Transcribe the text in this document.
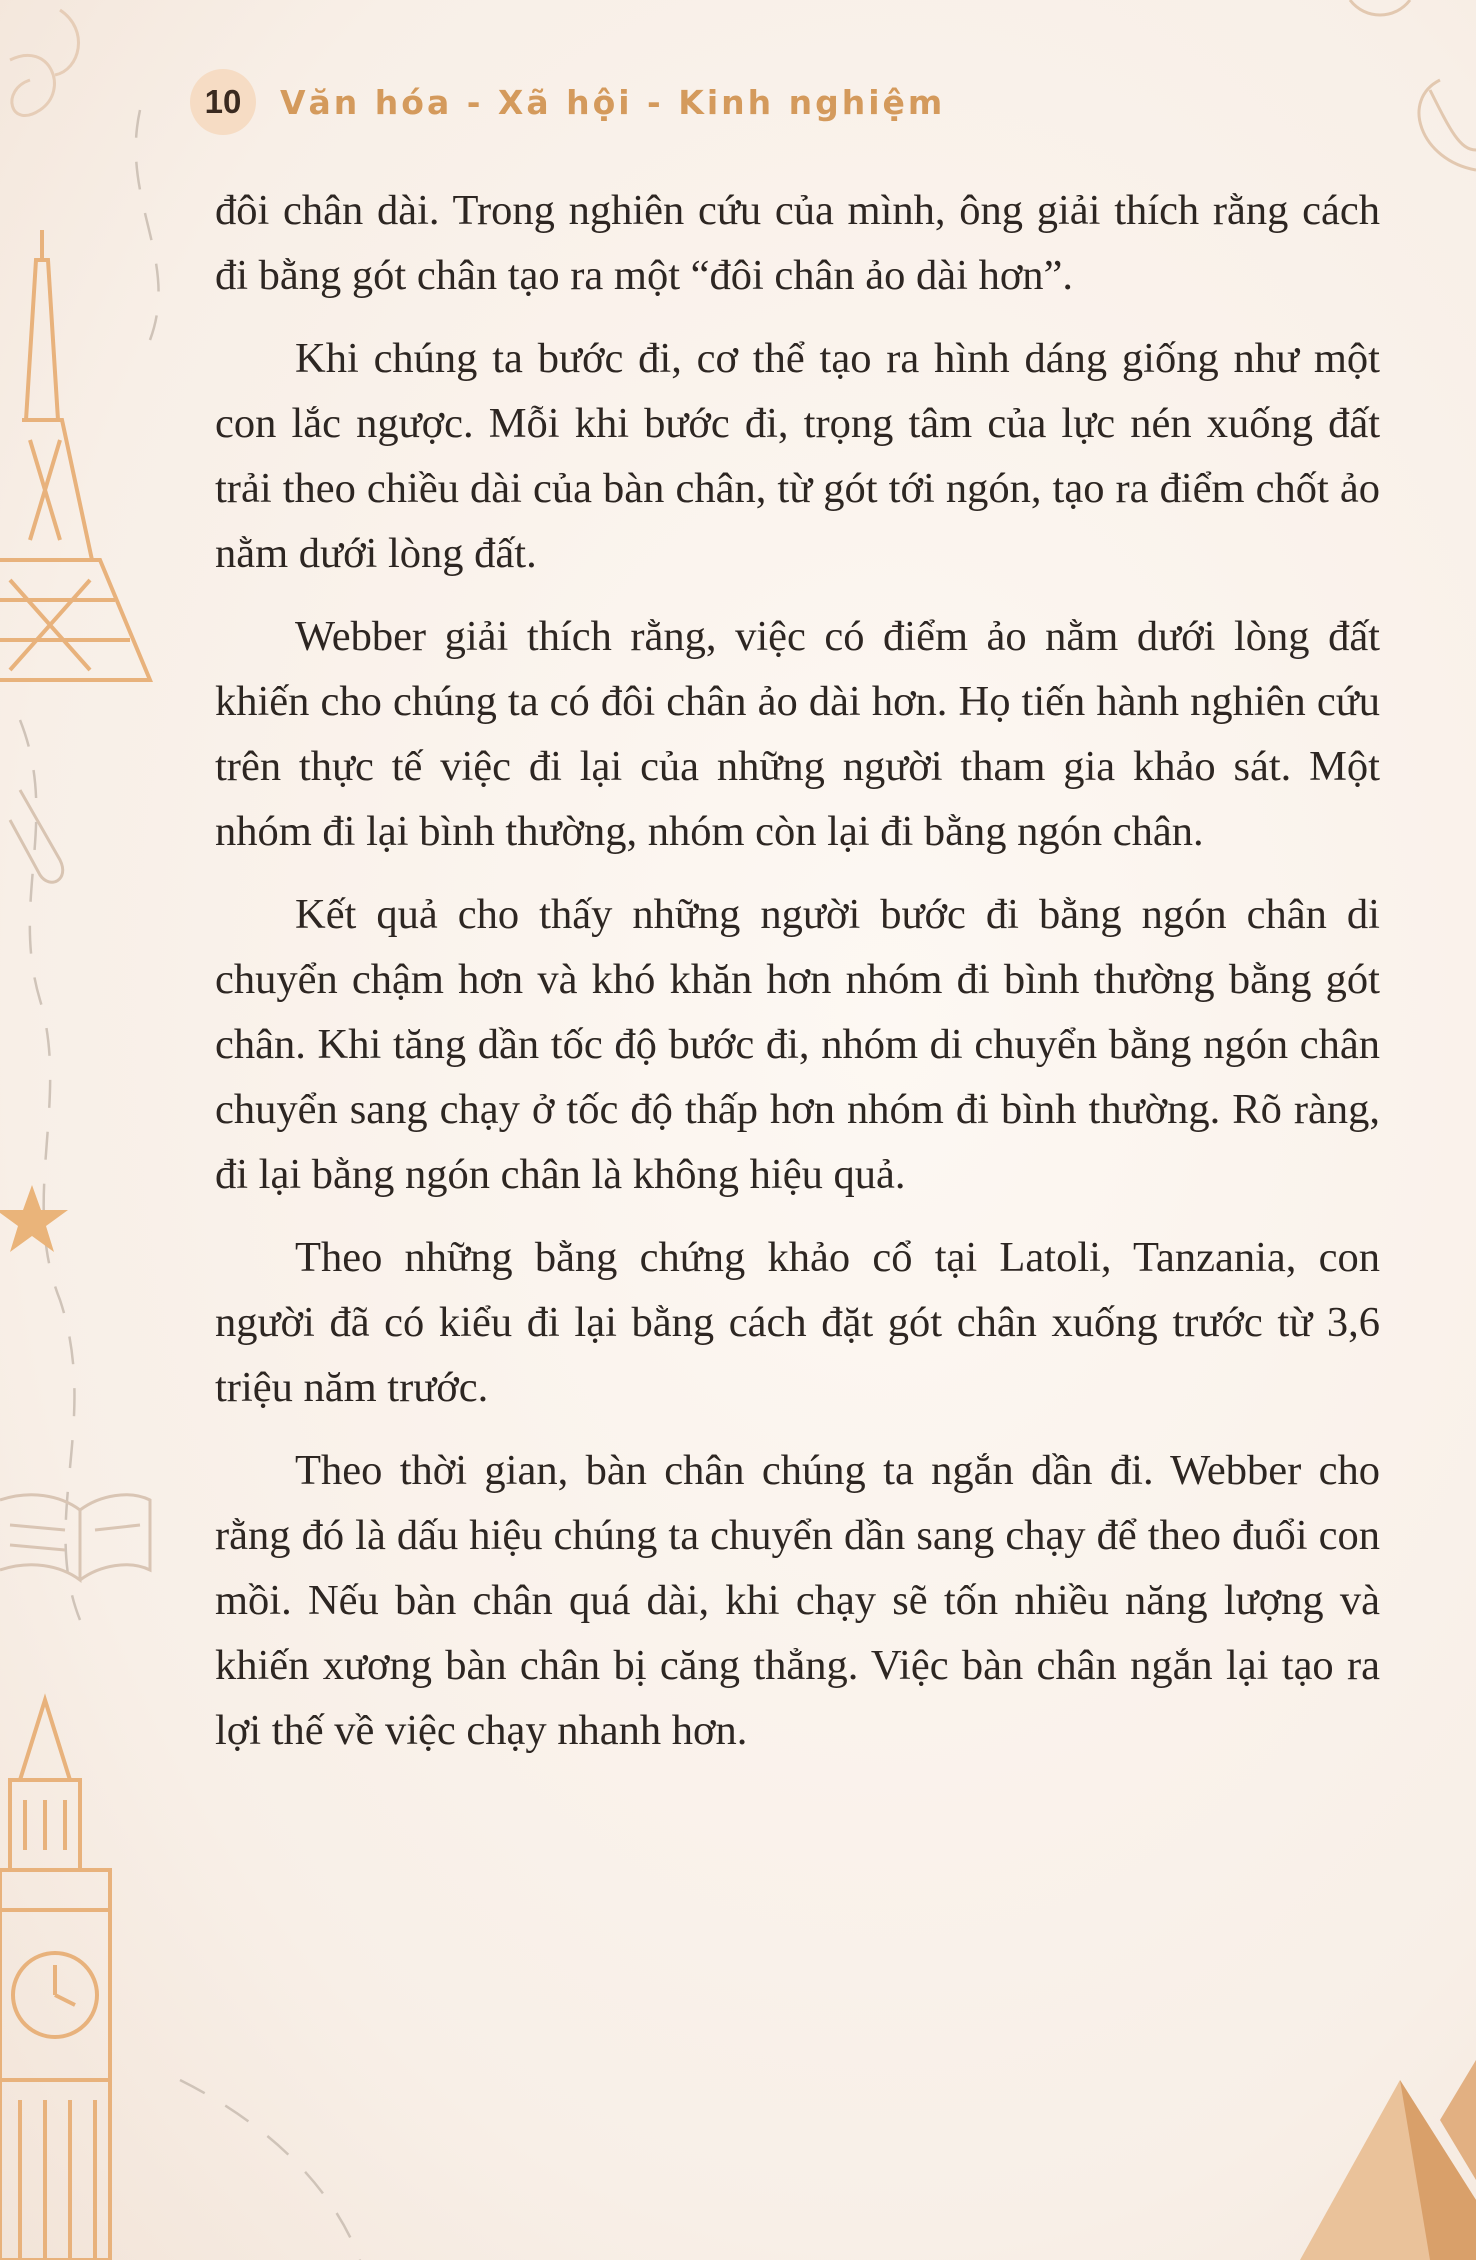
10 Văn hóa - Xã hội - Kinh nghiệm

đôi chân dài. Trong nghiên cứu của mình, ông giải thích rằng cách đi bằng gót chân tạo ra một “đôi chân ảo dài hơn”.

Khi chúng ta bước đi, cơ thể tạo ra hình dáng giống như một con lắc ngược. Mỗi khi bước đi, trọng tâm của lực nén xuống đất trải theo chiều dài của bàn chân, từ gót tới ngón, tạo ra điểm chốt ảo nằm dưới lòng đất.

Webber giải thích rằng, việc có điểm ảo nằm dưới lòng đất khiến cho chúng ta có đôi chân ảo dài hơn. Họ tiến hành nghiên cứu trên thực tế việc đi lại của những người tham gia khảo sát. Một nhóm đi lại bình thường, nhóm còn lại đi bằng ngón chân.

Kết quả cho thấy những người bước đi bằng ngón chân di chuyển chậm hơn và khó khăn hơn nhóm đi bình thường bằng gót chân. Khi tăng dần tốc độ bước đi, nhóm di chuyển bằng ngón chân chuyển sang chạy ở tốc độ thấp hơn nhóm đi bình thường. Rõ ràng, đi lại bằng ngón chân là không hiệu quả.

Theo những bằng chứng khảo cổ tại Latoli, Tanzania, con người đã có kiểu đi lại bằng cách đặt gót chân xuống trước từ 3,6 triệu năm trước.

Theo thời gian, bàn chân chúng ta ngắn dần đi. Webber cho rằng đó là dấu hiệu chúng ta chuyển dần sang chạy để theo đuổi con mồi. Nếu bàn chân quá dài, khi chạy sẽ tốn nhiều năng lượng và khiến xương bàn chân bị căng thẳng. Việc bàn chân ngắn lại tạo ra lợi thế về việc chạy nhanh hơn.
